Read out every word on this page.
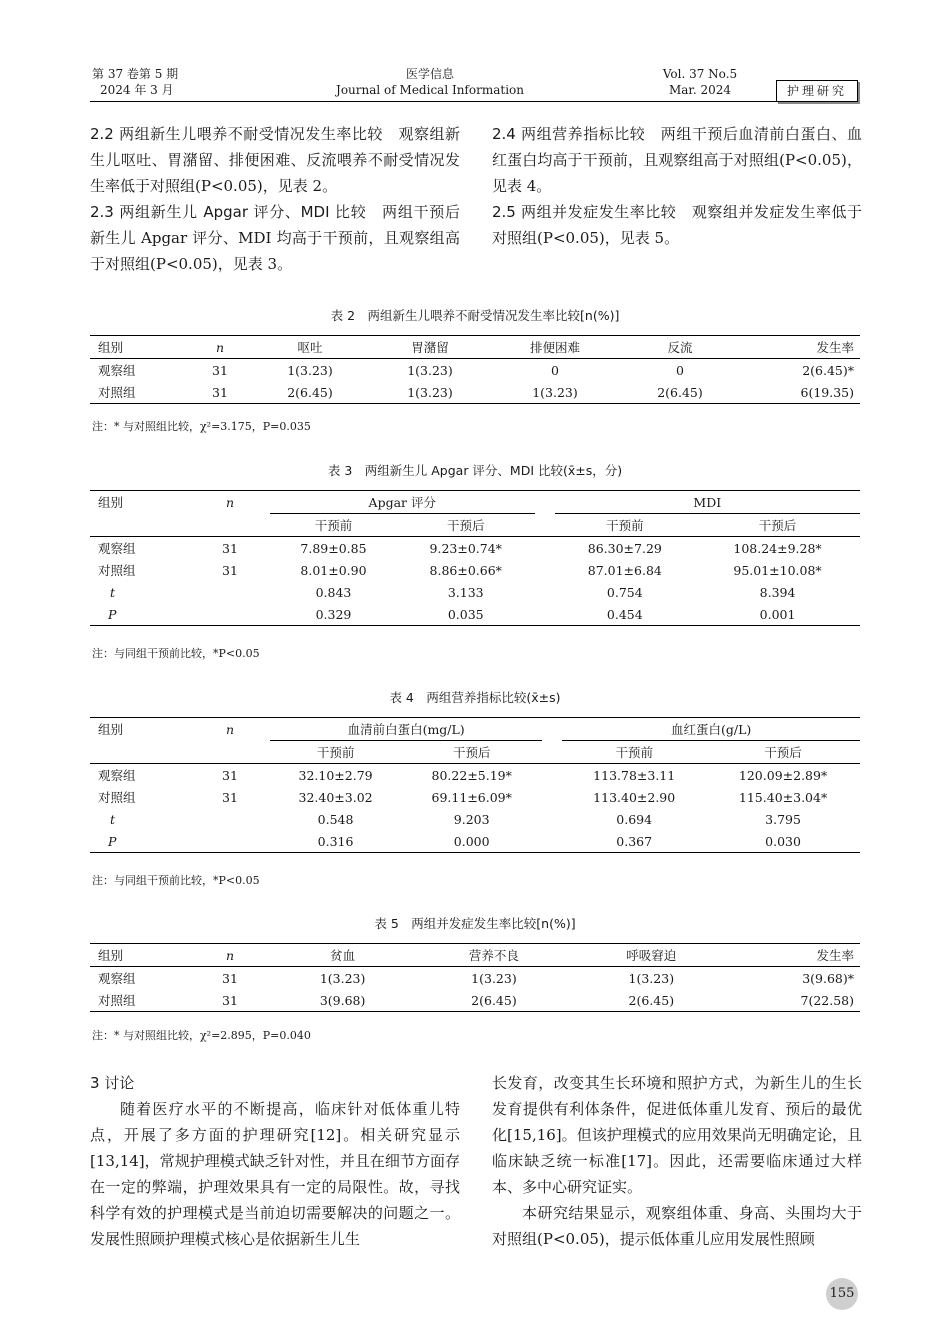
第 37 卷第 5 期
2024 年 3 月
医学信息
Journal of Medical Information
Vol. 37 No.5
Mar. 2024	护理研究

2.2 两组新生儿喂养不耐受情况发生率比较　 观察组新生儿呕吐、胃潴留、排便困难、反流喂养不耐受情况发生率低于对照组(P<0.05)，见表 2。

2.3 两组新生儿 Apgar 评分、MDI 比较　 两组干预后新生儿 Apgar 评分、MDI 均高于干预前，且观察组高于对照组(P<0.05)，见表 3。

2.4 两组营养指标比较　 两组干预后血清前白蛋白、血红蛋白均高于干预前，且观察组高于对照组(P<0.05)，见表 4。

2.5 两组并发症发生率比较　 观察组并发症发生率低于对照组(P<0.05)，见表 5。

表 2　两组新生儿喂养不耐受情况发生率比较[n(%)]
组别	n	呕吐	胃潴留	排便困难	反流	发生率
观察组	31	1(3.23)	1(3.23)	0	0	2(6.45)*
对照组	31	2(6.45)	1(3.23)	1(3.23)	2(6.45)	6(19.35)
注：* 与对照组比较，χ²=3.175，P=0.035
表 3　两组新生儿 Apgar 评分、MDI 比较(x̄±s，分)
组别	n	Apgar 评分			MDI	
		干预前	干预后		干预前	干预后
观察组	31	7.89±0.85	9.23±0.74*		86.30±7.29	108.24±9.28*
对照组	31	8.01±0.90	8.86±0.66*		87.01±6.84	95.01±10.08*
t		0.843	3.133		0.754	8.394
P		0.329	0.035		0.454	0.001
注：与同组干预前比较，*P<0.05
表 4　两组营养指标比较(x̄±s)
组别	n	血清前白蛋白(mg/L)			血红蛋白(g/L)	
		干预前	干预后		干预前	干预后
观察组	31	32.10±2.79	80.22±5.19*		113.78±3.11	120.09±2.89*
对照组	31	32.40±3.02	69.11±6.09*		113.40±2.90	115.40±3.04*
t		0.548	9.203		0.694	3.795
P		0.316	0.000		0.367	0.030
注：与同组干预前比较，*P<0.05
表 5　两组并发症发生率比较[n(%)]
组别	n	贫血	营养不良	呼吸窘迫	发生率
观察组	31	1(3.23)	1(3.23)	1(3.23)	3(9.68)*
对照组	31	3(9.68)	2(6.45)	2(6.45)	7(22.58)
注：* 与对照组比较，χ²=2.895，P=0.040

3 讨论

随着医疗水平的不断提高，临床针对低体重儿特点，开展了多方面的护理研究[12]。相关研究显示[13,14]，常规护理模式缺乏针对性，并且在细节方面存在一定的弊端，护理效果具有一定的局限性。故，寻找科学有效的护理模式是当前迫切需要解决的问题之一。发展性照顾护理模式核心是依据新生儿生

长发育，改变其生长环境和照护方式，为新生儿的生长发育提供有利体条件，促进低体重儿发育、预后的最优化[15,16]。但该护理模式的应用效果尚无明确定论，且临床缺乏统一标准[17]。因此，还需要临床通过大样本、多中心研究证实。

本研究结果显示，观察组体重、身高、头围均大于对照组(P<0.05)，提示低体重儿应用发展性照顾

155
